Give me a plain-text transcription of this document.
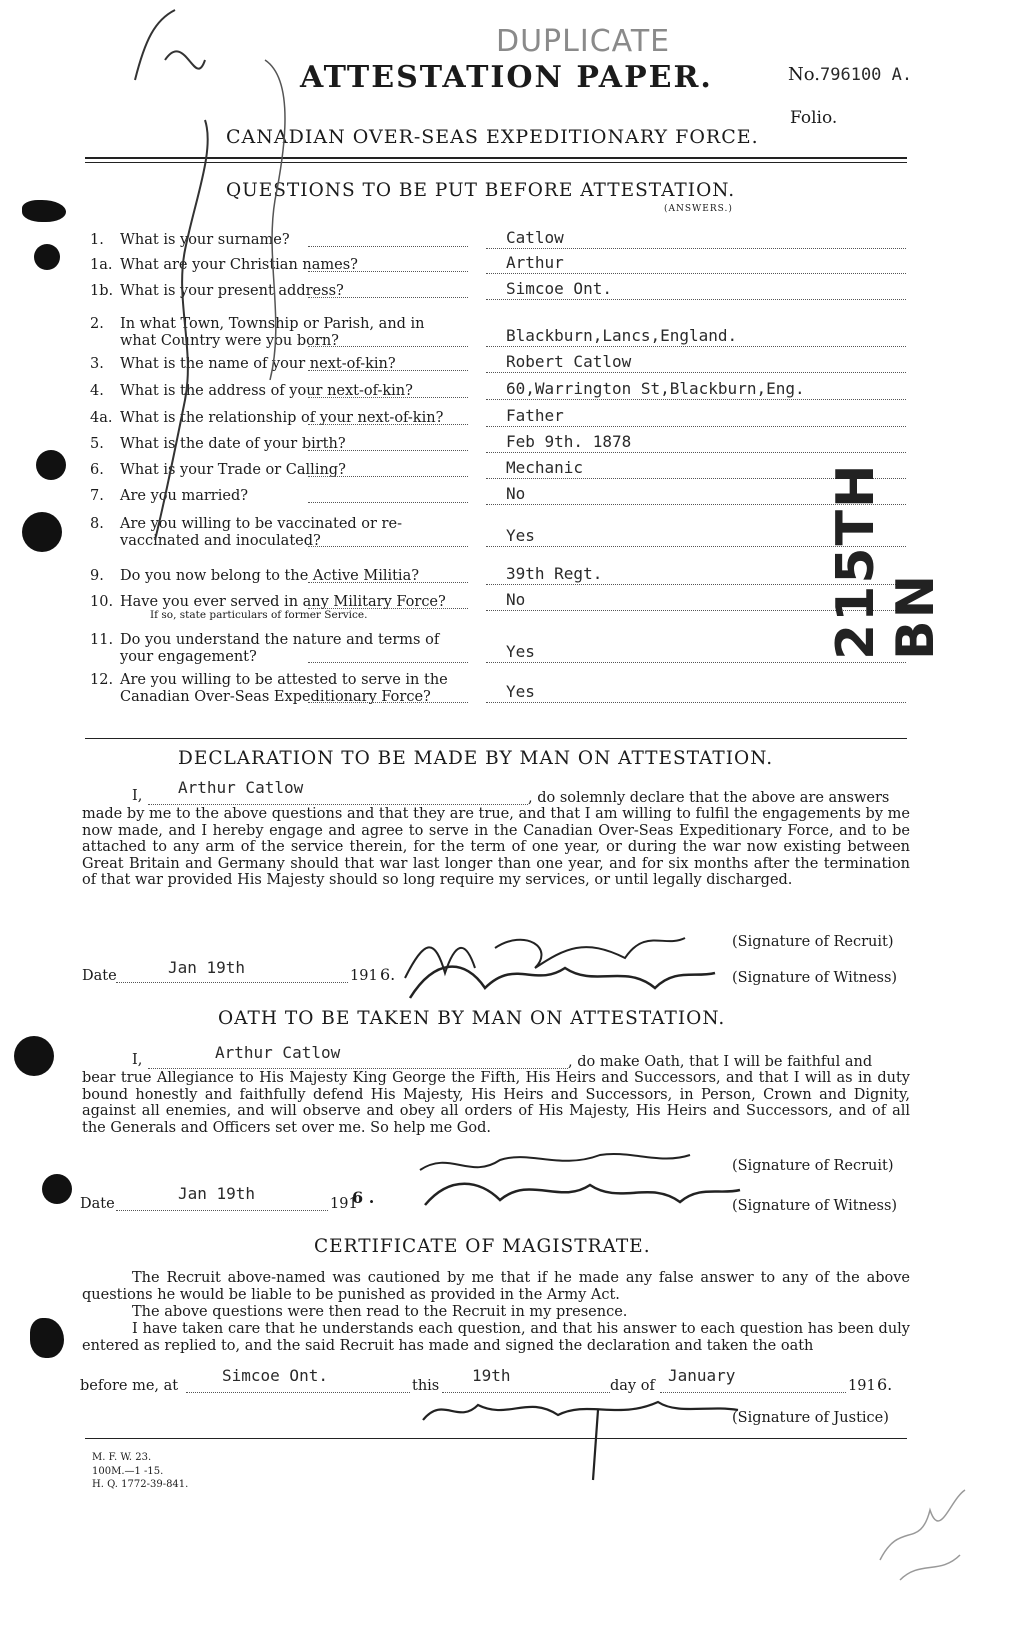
DUPLICATE
ATTESTATION PAPER.	No.796100 A.
Folio.
CANADIAN OVER-SEAS EXPEDITIONARY FORCE.
QUESTIONS TO BE PUT BEFORE ATTESTATION.
(ANSWERS.)
1. What is your surname?	Catlow
1a. What are your Christian names?	Arthur
1b. What is your present address?	Simcoe Ont.
2. In what Town, Township or Parish, and in
what Country were you born?	Blackburn,Lancs,England.
3. What is the name of your next-of-kin?	Robert Catlow
4. What is the address of your next-of-kin?	60,Warrington St,Blackburn,Eng.
4a. What is the relationship of your next-of-kin?	Father
5. What is the date of your birth?	Feb 9th. 1878
6. What is your Trade or Calling?	Mechanic
7. Are you married?	No
8. Are you willing to be vaccinated or re-
vaccinated and inoculated?	Yes
9. Do you now belong to the Active Militia?	39th Regt.
10. Have you ever served in any Military Force?
If so, state particulars of former Service.
No
11. Do you understand the nature and terms of
your engagement?	Yes
12. Are you willing to be attested to serve in the
Canadian Over-Seas Expeditionary Force?	Yes
DECLARATION TO BE MADE BY MAN ON ATTESTATION.
I, Arthur Catlow
, do solemnly declare that the above are answers
made by me to the above questions and that they are true, and that I am willing to fulfil the engagements by me now made, and I hereby engage and agree to serve in the Canadian Over-Seas Expeditionary Force, and to be attached to any arm of the service therein, for the term of one year, or during the war now existing between Great Britain and Germany should that war last longer than one year, and for six months after the termination of that war provided His Majesty should so long require my services, or until legally discharged.
(Signature of Recruit)
(Signature of Witness)
Date	Jan 19th	191 6.
OATH TO BE TAKEN BY MAN ON ATTESTATION.
I,	Arthur Catlow	, do make Oath, that I will be faithful and
bear true Allegiance to His Majesty King George the Fifth, His Heirs and Successors, and that I will as in duty bound honestly and faithfully defend His Majesty, His Heirs and Successors, in Person, Crown and Dignity, against all enemies, and will observe and obey all orders of His Majesty, His Heirs and Successors, and of all the Generals and Officers set over me. So help me God.
(Signature of Recruit)
(Signature of Witness)
Date
Jan 19th
191
6 .
CERTIFICATE OF MAGISTRATE.
The Recruit above-named was cautioned by me that if he made any false answer to any of the above questions he would be liable to be punished as provided in the Army Act.
The above questions were then read to the Recruit in my presence.
I have taken care that he understands each question, and that his answer to each question has been duly entered as replied to, and the said Recruit has made and signed the declaration and taken the oath
before me, at
Simcoe Ont.
this
19th
day of
January
191 6.
(Signature of Justice)
M. F. W. 23.
100M.—1 -15.
H. Q. 1772-39-841.
215TH BN
